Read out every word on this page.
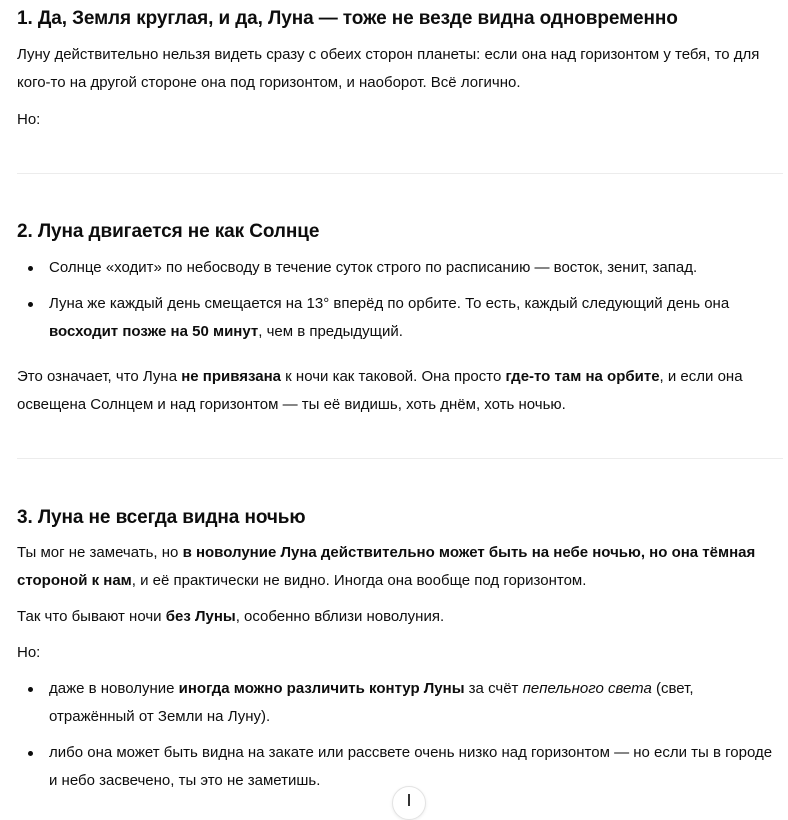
1. Да, Земля круглая, и да, Луна — тоже не везде видна одновременно

Луну действительно нельзя видеть сразу с обеих сторон планеты: если она над горизонтом у тебя, то для кого-то на другой стороне она под горизонтом, и наоборот. Всё логично.

Но:

2. Луна двигается не как Солнце
Солнце «ходит» по небосводу в течение суток строго по расписанию — восток, зенит, запад.
Луна же каждый день смещается на 13° вперёд по орбите. То есть, каждый следующий день она восходит позже на 50 минут, чем в предыдущий.

Это означает, что Луна не привязана к ночи как таковой. Она просто где-то там на орбите, и если она освещена Солнцем и над горизонтом — ты её видишь, хоть днём, хоть ночью.

3. Луна не всегда видна ночью

Ты мог не замечать, но в новолуние Луна действительно может быть на небе ночью, но она тёмная стороной к нам, и её практически не видно. Иногда она вообще под горизонтом.

Так что бывают ночи без Луны, особенно вблизи новолуния.

Но:

даже в новолуние иногда можно различить контур Луны за счёт пепельного света (свет, отражённый от Земли на Луну).
либо она может быть видна на закате или рассвете очень низко над горизонтом — но если ты в городе и небо засвечено, ты это не заметишь.
